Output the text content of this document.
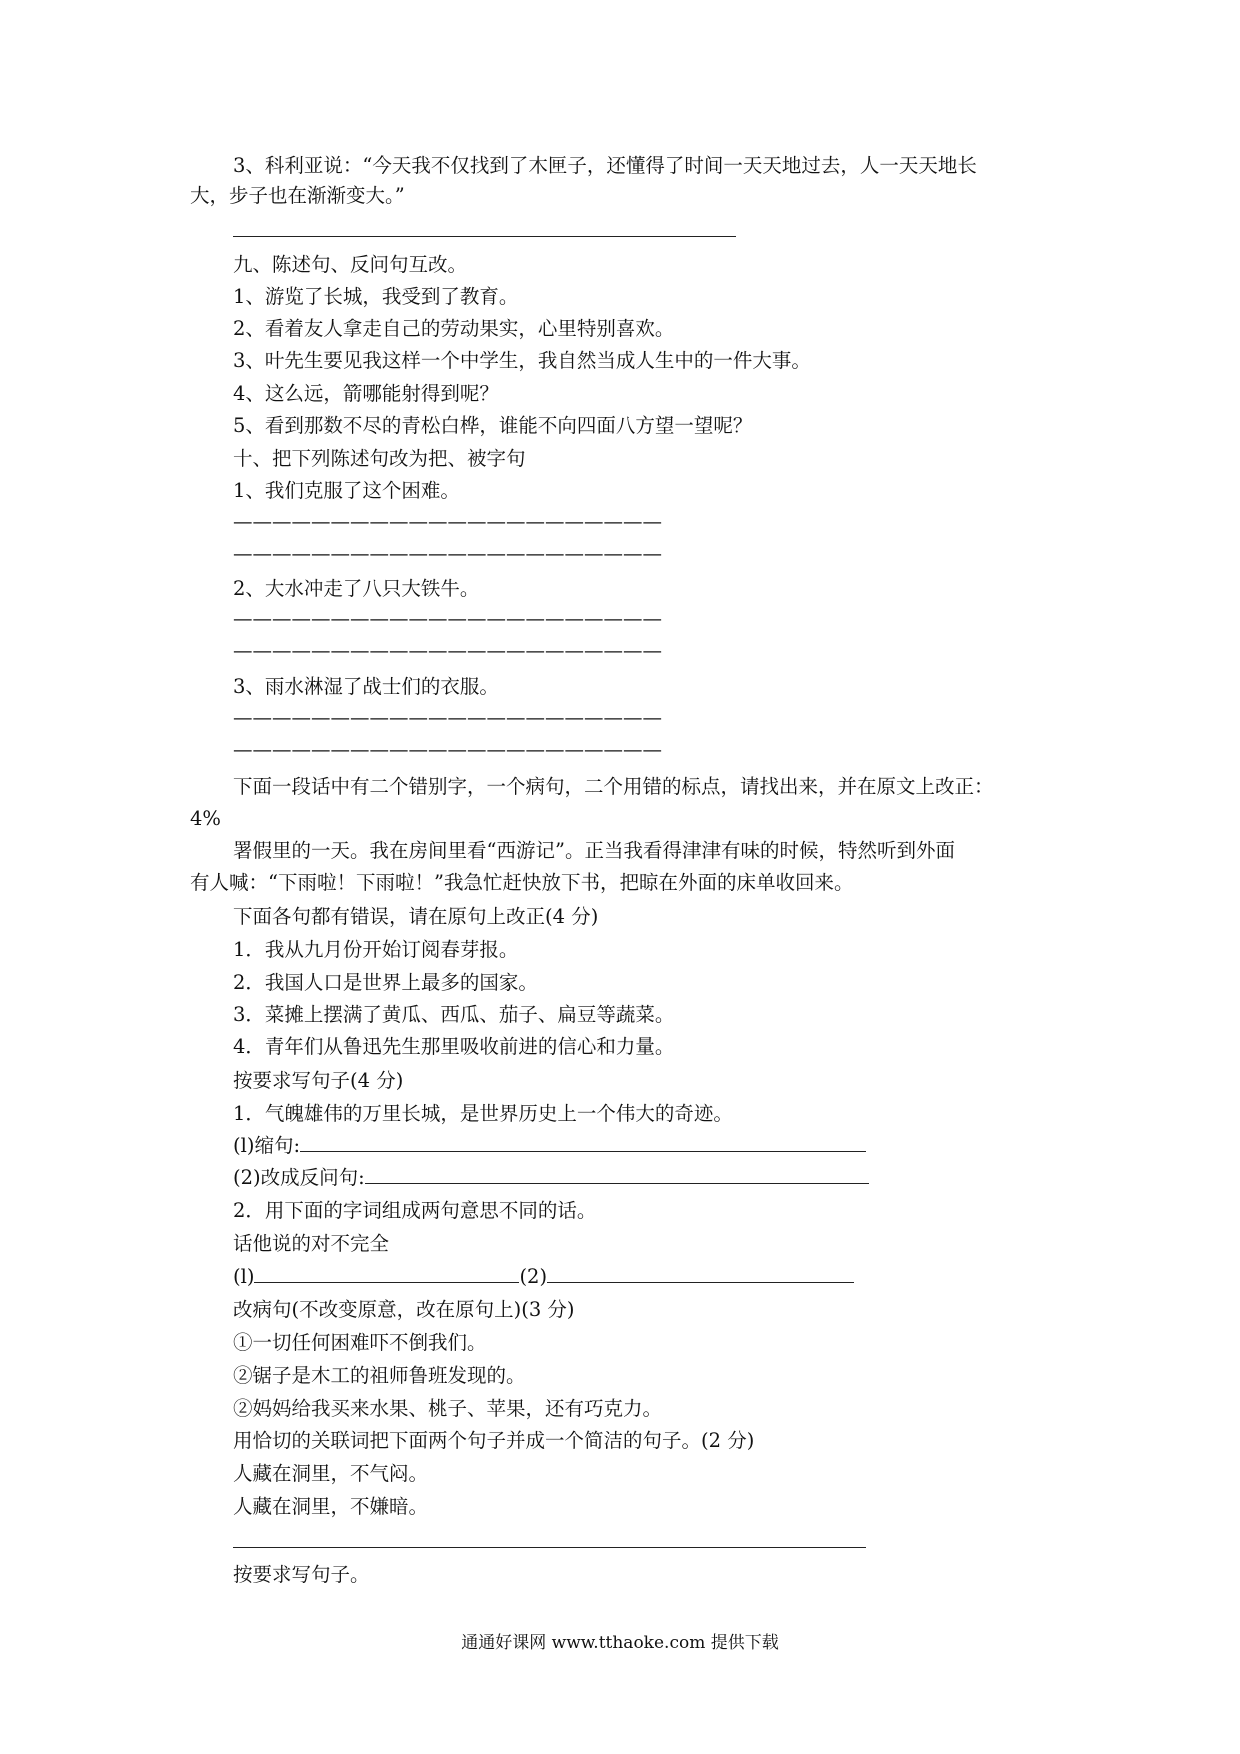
3、科利亚说：“今天我不仅找到了木匣子，还懂得了时间一天天地过去，人一天天地长
大，步子也在渐渐变大。”
九、陈述句、反问句互改。
1、游览了长城，我受到了教育。
2、看着友人拿走自己的劳动果实，心里特别喜欢。
3、叶先生要见我这样一个中学生，我自然当成人生中的一件大事。
4、这么远，箭哪能射得到呢？
5、看到那数不尽的青松白桦，谁能不向四面八方望一望呢？
十、把下列陈述句改为把、被字句
1、我们克服了这个困难。
——————————————————————
——————————————————————
2、大水冲走了八只大铁牛。
——————————————————————
——————————————————————
3、雨水淋湿了战士们的衣服。
——————————————————————
——————————————————————
下面一段话中有二个错别字，一个病句，二个用错的标点，请找出来，并在原文上改正：
4%
署假里的一天。我在房间里看“西游记”。正当我看得津津有味的时候，特然听到外面
有人喊：“下雨啦！下雨啦！”我急忙赶快放下书，把晾在外面的床单收回来。
下面各句都有错误，请在原句上改正(4 分)
1．我从九月份开始订阅春芽报。
2．我国人口是世界上最多的国家。
3．菜摊上摆满了黄瓜、西瓜、茄子、扁豆等蔬菜。
4．青年们从鲁迅先生那里吸收前进的信心和力量。
按要求写句子(4 分)
1．气魄雄伟的万里长城，是世界历史上一个伟大的奇迹。
(l)缩句:
(2)改成反问句:
2．用下面的字词组成两句意思不同的话。
话他说的对不完全
(l)	(2)
改病句(不改变原意，改在原句上)(3 分)
①一切任何困难吓不倒我们。
②锯子是木工的祖师鲁班发现的。
②妈妈给我买来水果、桃子、苹果，还有巧克力。
用恰切的关联词把下面两个句子并成一个简洁的句子。(2 分)
人藏在洞里，不气闷。
人藏在洞里，不嫌暗。
按要求写句子。
通通好课网 www.tthaoke.com 提供下载
